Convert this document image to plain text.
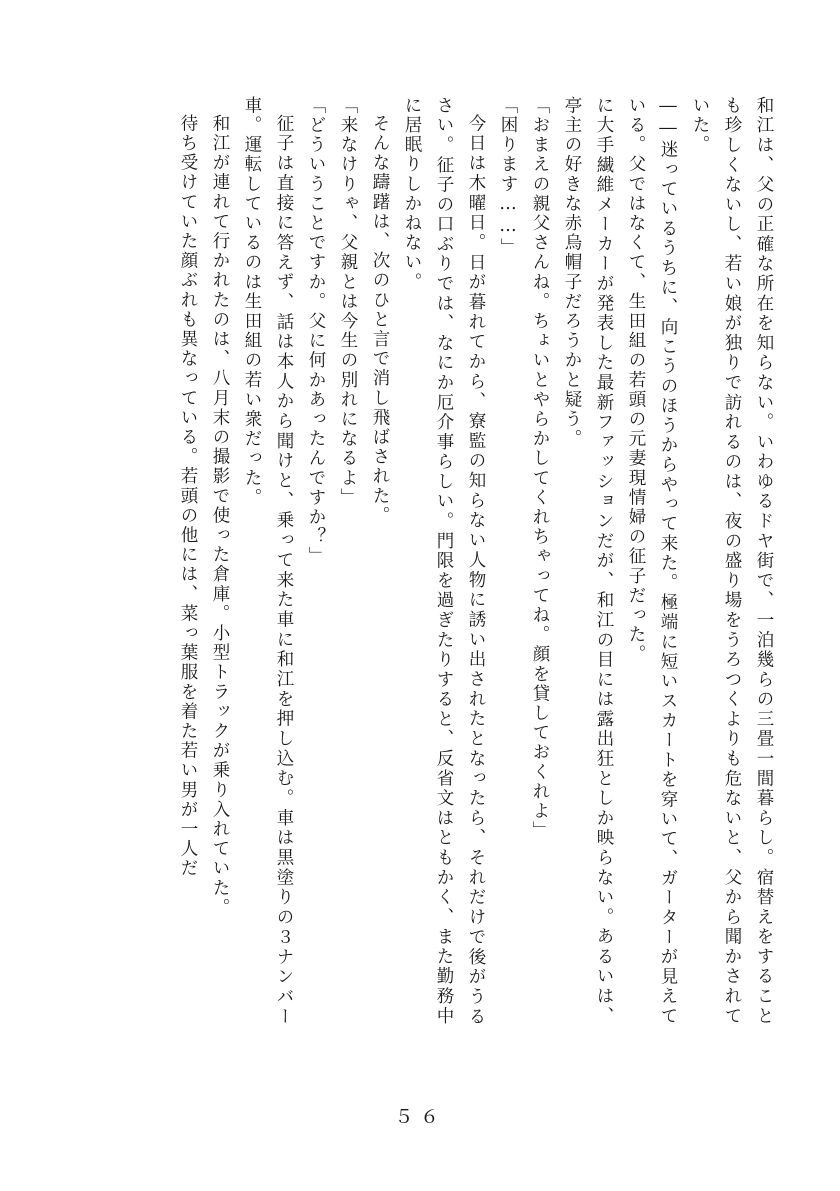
和江は、父の正確な所在を知らない。いわゆるドヤ街で、一泊幾らの三畳一間暮らし。宿替えをすることも珍しくないし、若い娘が独りで訪れるのは、夜の盛り場をうろつくよりも危ないと、父から聞かされていた。

――迷っているうちに、向こうのほうからやって来た。極端に短いスカートを穿いて、ガーターが見えている。父ではなくて、生田組の若頭の元妻現情婦の征子だった。

に大手繊維メーカーが発表した最新ファッションだが、和江の目には露出狂としか映らない。あるいは、亭主の好きな赤烏帽子だろうかと疑う。

「おまえの親父さんね。ちょいとやらかしてくれちゃってね。顔を貸しておくれよ」

「困ります……」

今日は木曜日。日が暮れてから、寮監の知らない人物に誘い出されたとなったら、それだけで後がうるさい。征子の口ぶりでは、なにか厄介事らしい。門限を過ぎたりすると、反省文はともかく、また勤務中に居眠りしかねない。

そんな躊躇は、次のひと言で消し飛ばされた。

「来なけりゃ、父親とは今生の別れになるよ」

「どういうことですか。父に何かあったんですか？」

征子は直接に答えず、話は本人から聞けと、乗って来た車に和江を押し込む。車は黒塗りの３ナンバー車。運転しているのは生田組の若い衆だった。

和江が連れて行かれたのは、八月末の撮影で使った倉庫。小型トラックが乗り入れていた。

待ち受けていた顔ぶれも異なっている。若頭の他には、菜っ葉服を着た若い男が一人だ

５６
